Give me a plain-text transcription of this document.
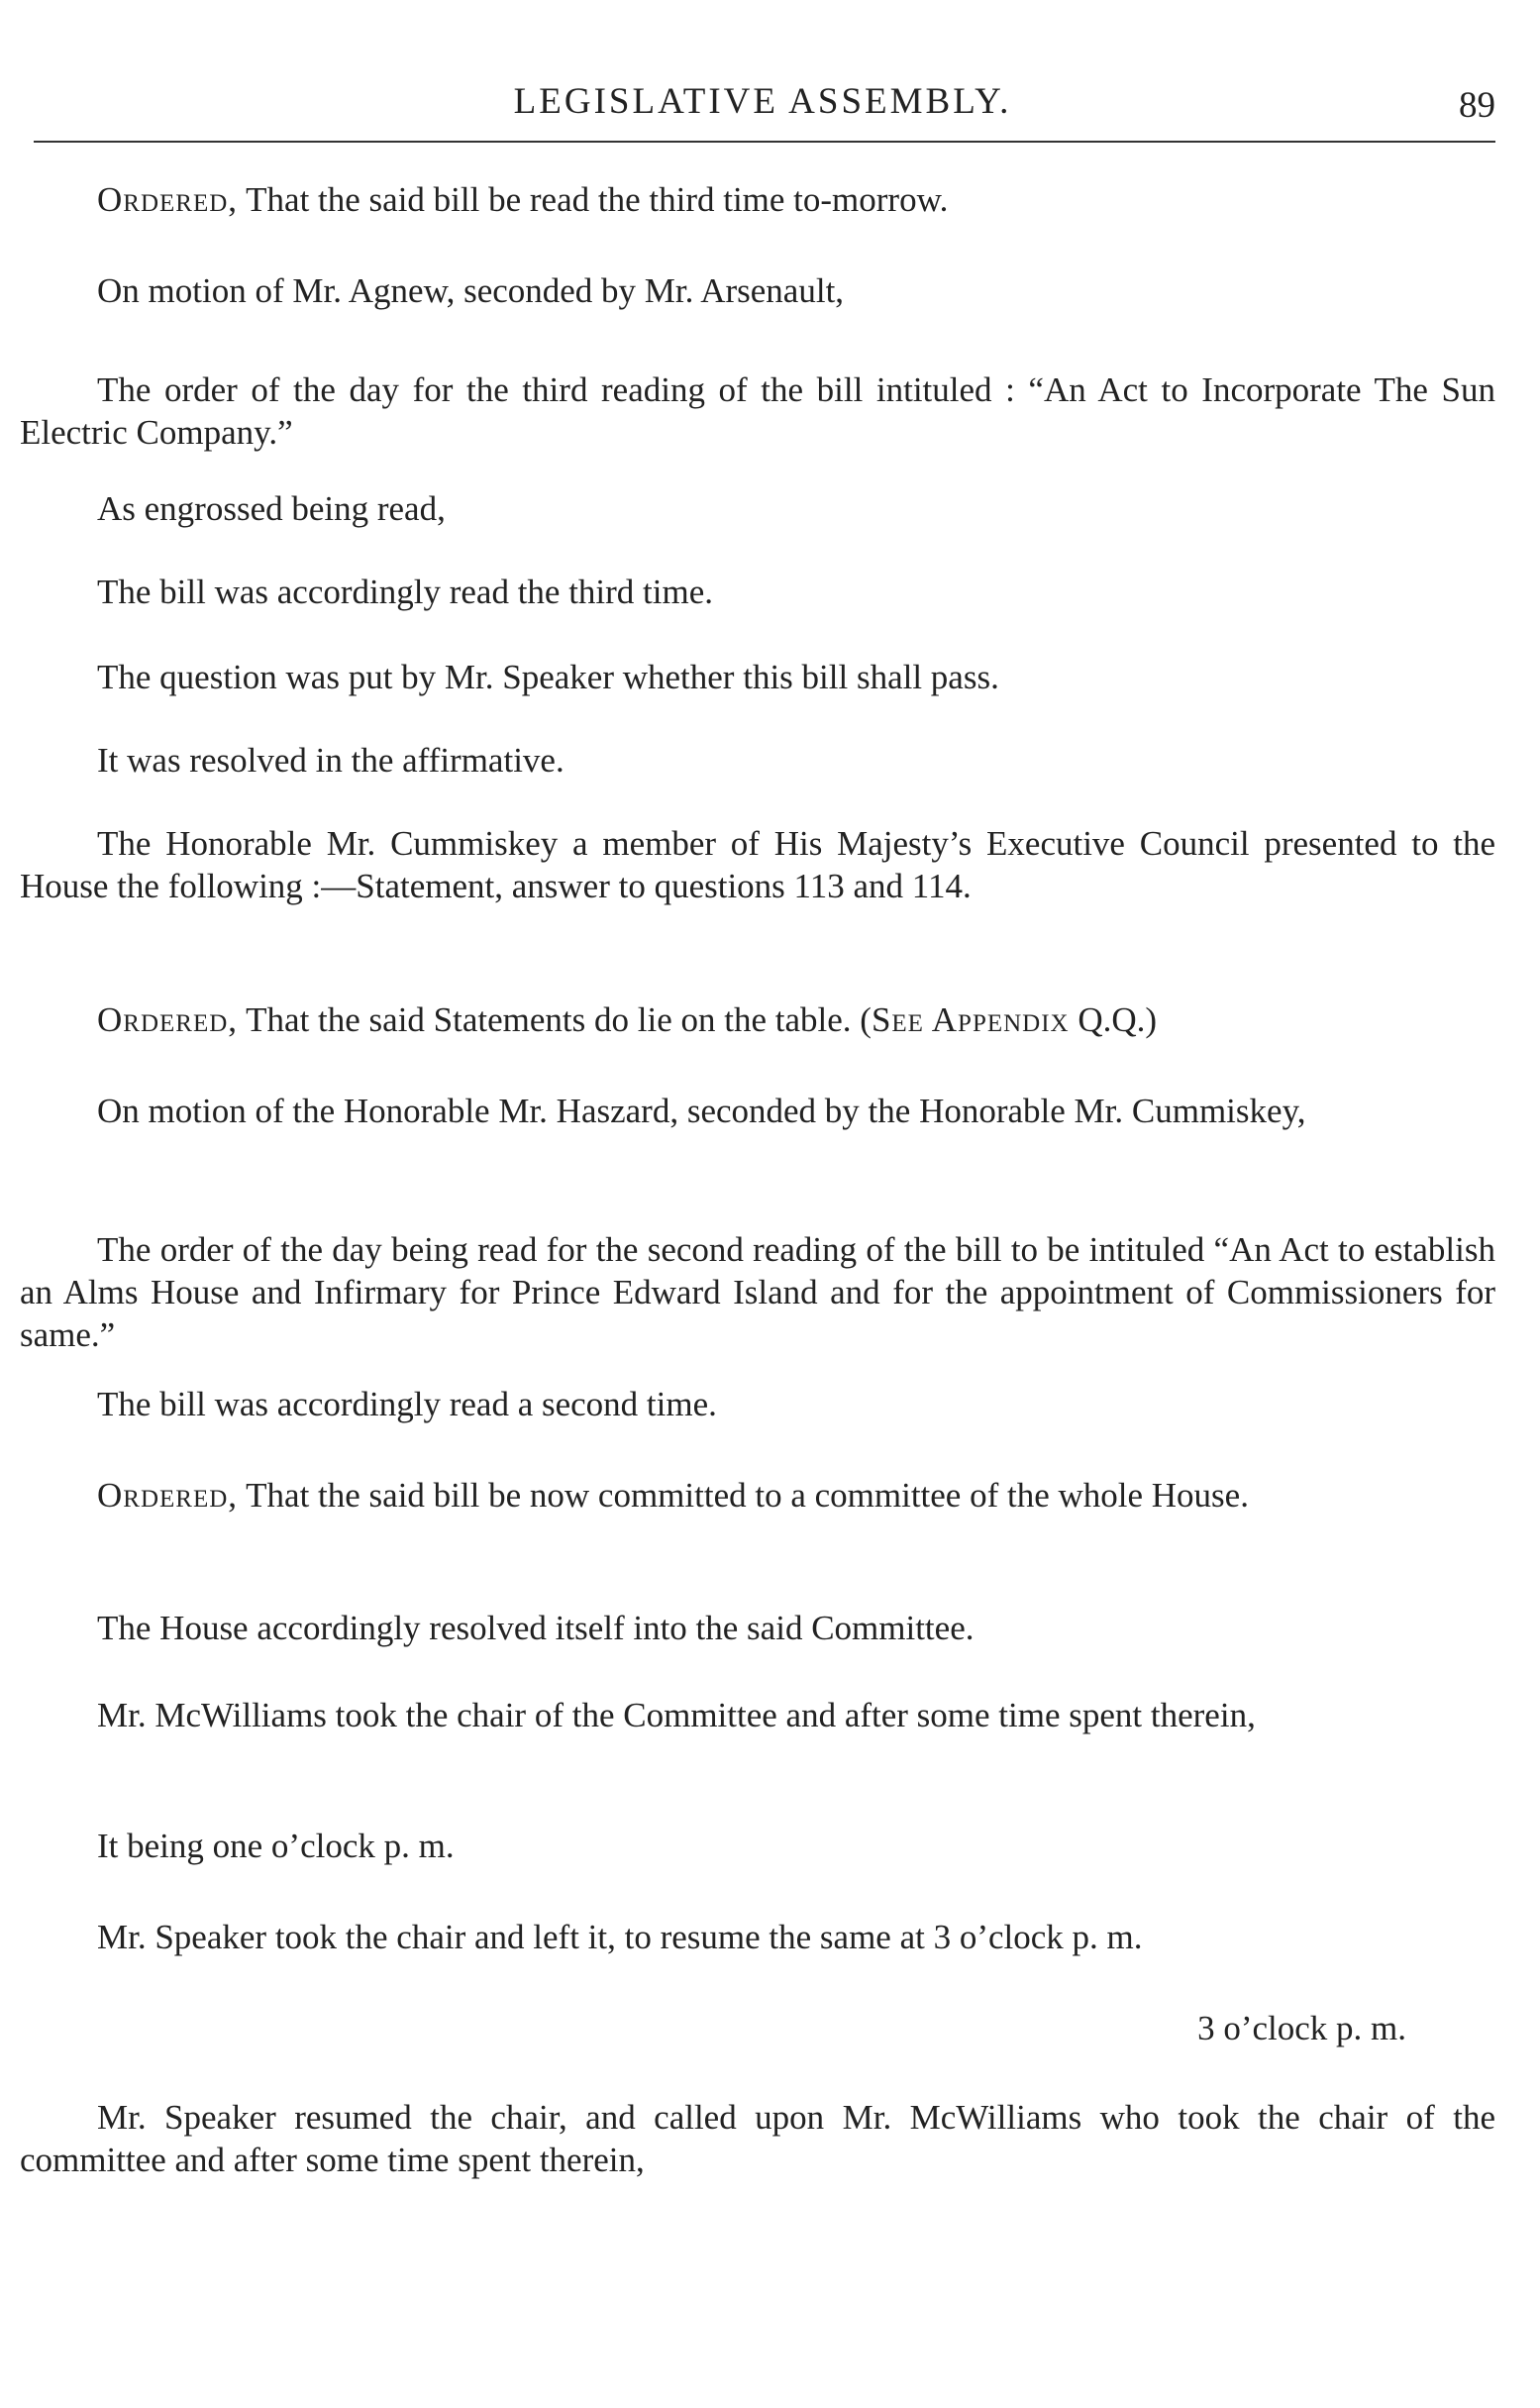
LEGISLATIVE ASSEMBLY.	89

Ordered, That the said bill be read the third time to-morrow.

On motion of Mr. Agnew, seconded by Mr. Arsenault,

The order of the day for the third reading of the bill intituled : “An Act to Incorporate The Sun Electric Company.”

As engrossed being read,

The bill was accordingly read the third time.

The question was put by Mr. Speaker whether this bill shall pass.

It was resolved in the affirmative.

The Honorable Mr. Cummiskey a member of His Majesty’s Executive Council presented to the House the following :—Statement, answer to questions 113 and 114.

Ordered, That the said Statements do lie on the table. (See Appendix Q.Q.)

On motion of the Honorable Mr. Haszard, seconded by the Honorable Mr. Cummiskey,

The order of the day being read for the second reading of the bill to be intituled “An Act to establish an Alms House and Infirmary for Prince Edward Island and for the appointment of Commissioners for same.”

The bill was accordingly read a second time.

Ordered, That the said bill be now committed to a committee of the whole House.

The House accordingly resolved itself into the said Committee.

Mr. McWilliams took the chair of the Committee and after some time spent therein,

It being one o’clock p. m.

Mr. Speaker took the chair and left it, to resume the same at 3 o’clock p. m.

3 o’clock p. m.

Mr. Speaker resumed the chair, and called upon Mr. McWilliams who took the chair of the committee and after some time spent therein,
